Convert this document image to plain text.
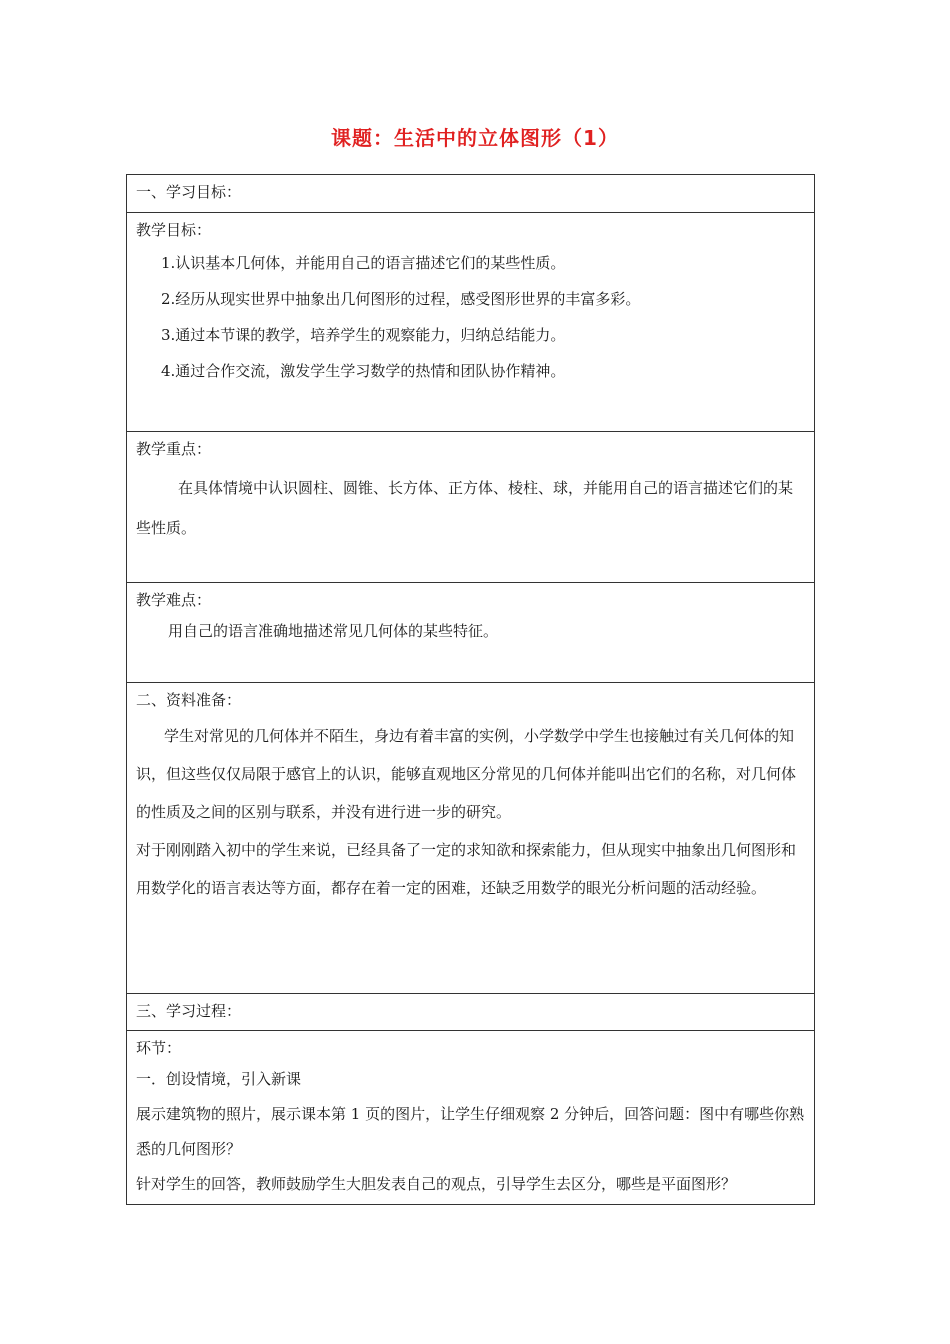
课题：生活中的立体图形（1）
一、学习目标：
教学目标：
1.认识基本几何体，并能用自己的语言描述它们的某些性质。
2.经历从现实世界中抽象出几何图形的过程，感受图形世界的丰富多彩。
3.通过本节课的教学，培养学生的观察能力，归纳总结能力。
4.通过合作交流，激发学生学习数学的热情和团队协作精神。
教学重点：
在具体情境中认识圆柱、圆锥、长方体、正方体、棱柱、球，并能用自己的语言描述它们的某些性质。
教学难点：
用自己的语言准确地描述常见几何体的某些特征。
二、资料准备：
学生对常见的几何体并不陌生，身边有着丰富的实例，小学数学中学生也接触过有关几何体的知识，但这些仅仅局限于感官上的认识，能够直观地区分常见的几何体并能叫出它们的名称，对几何体的性质及之间的区别与联系，并没有进行进一步的研究。
对于刚刚踏入初中的学生来说，已经具备了一定的求知欲和探索能力，但从现实中抽象出几何图形和用数学化的语言表达等方面，都存在着一定的困难，还缺乏用数学的眼光分析问题的活动经验。
三、学习过程：
环节：
一．创设情境，引入新课
展示建筑物的照片，展示课本第 1 页的图片，让学生仔细观察 2 分钟后，回答问题：图中有哪些你熟悉的几何图形？
针对学生的回答，教师鼓励学生大胆发表自己的观点，引导学生去区分，哪些是平面图形？
